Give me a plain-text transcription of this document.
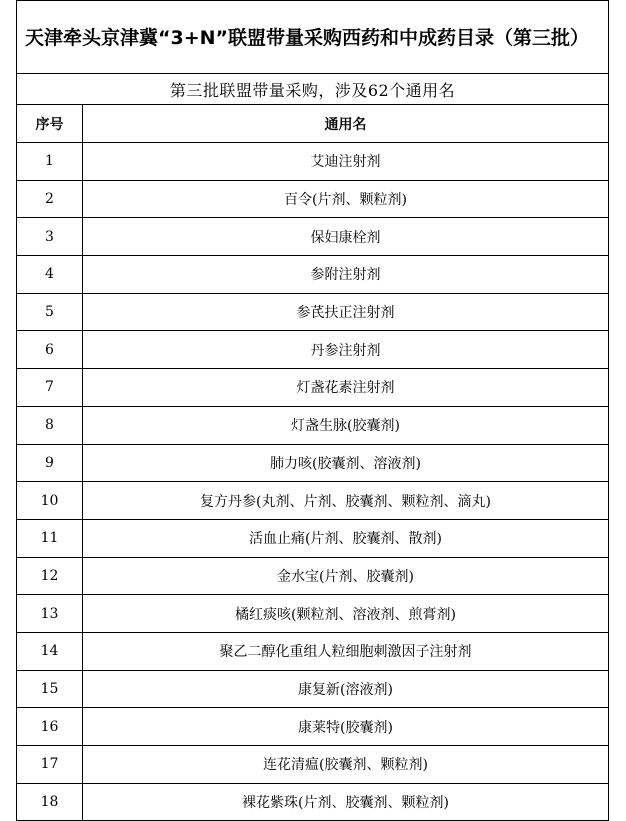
天津牵头京津冀“3+N”联盟带量采购西药和中成药目录（第三批）	
第三批联盟带量采购，涉及62个通用名	
序号	通用名
1	艾迪注射剂
2	百令(片剂、颗粒剂)
3	保妇康栓剂
4	参附注射剂
5	参芪扶正注射剂
6	丹参注射剂
7	灯盏花素注射剂
8	灯盏生脉(胶囊剂)
9	肺力咳(胶囊剂、溶液剂)
10	复方丹参(丸剂、片剂、胶囊剂、颗粒剂、滴丸)
11	活血止痛(片剂、胶囊剂、散剂)
12	金水宝(片剂、胶囊剂)
13	橘红痰咳(颗粒剂、溶液剂、煎膏剂)
14	聚乙二醇化重组人粒细胞刺激因子注射剂
15	康复新(溶液剂)
16	康莱特(胶囊剂)
17	连花清瘟(胶囊剂、颗粒剂)
18	裸花紫珠(片剂、胶囊剂、颗粒剂)
